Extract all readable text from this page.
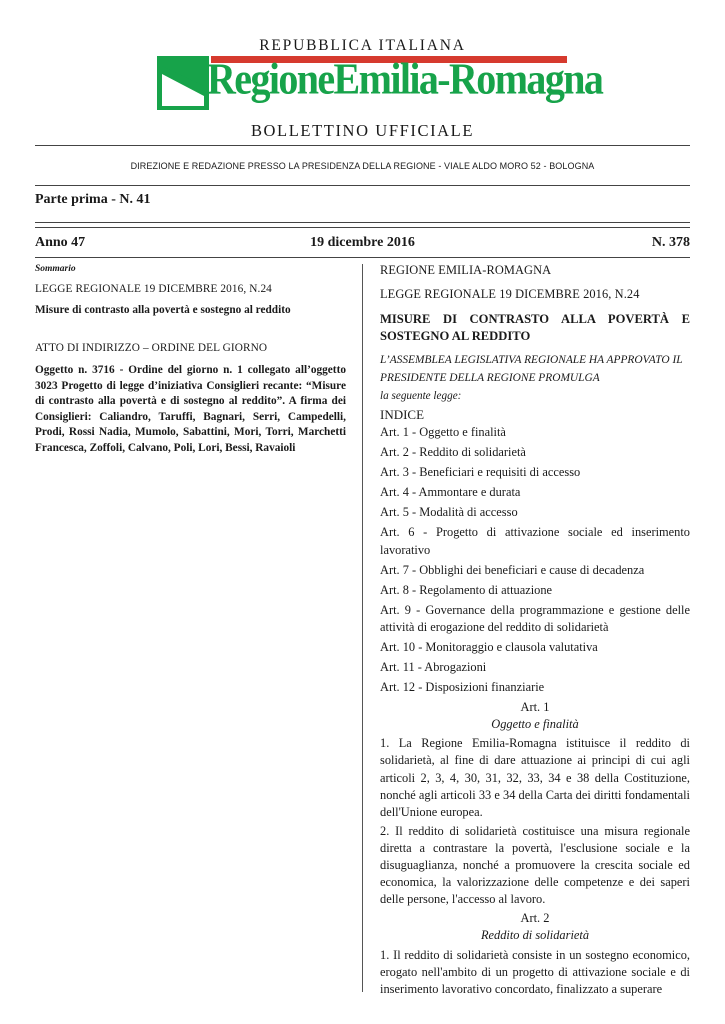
REPUBBLICA ITALIANA
RegioneEmilia-Romagna
BOLLETTINO UFFICIALE
DIREZIONE E REDAZIONE PRESSO LA PRESIDENZA DELLA REGIONE - VIALE ALDO MORO 52 - BOLOGNA
Parte prima - N. 41
Anno 47	19 dicembre 2016	N. 378
Sommario
LEGGE REGIONALE 19 DICEMBRE 2016, N.24
Misure di contrasto alla povertà e sostegno al reddito
ATTO DI INDIRIZZO – ORDINE DEL GIORNO
Oggetto n. 3716 - Ordine del giorno n. 1 collegato all’oggetto 3023 Progetto di legge d’iniziativa Consiglieri recante: “Misure di contrasto alla povertà e di sostegno al reddito”. A firma dei Consiglieri: Caliandro, Taruffi, Bagnari, Serri, Campedelli, Prodi, Rossi Nadia, Mumolo, Sabattini, Mori, Torri, Marchetti Francesca, Zoffoli, Calvano, Poli, Lori, Bessi, Ravaioli
REGIONE EMILIA-ROMAGNA
LEGGE REGIONALE 19 DICEMBRE 2016, N.24
MISURE DI CONTRASTO ALLA POVERTÀ E SOSTEGNO AL REDDITO
L’ASSEMBLEA LEGISLATIVA REGIONALE HA APPROVATO IL PRESIDENTE DELLA REGIONE PROMULGA
la seguente legge:
INDICE
Art. 1 - Oggetto e finalità
Art. 2 - Reddito di solidarietà
Art. 3 - Beneficiari e requisiti di accesso
Art. 4 - Ammontare e durata
Art. 5 - Modalità di accesso
Art. 6 - Progetto di attivazione sociale ed inserimento lavorativo
Art. 7 - Obblighi dei beneficiari e cause di decadenza
Art. 8 - Regolamento di attuazione
Art. 9 - Governance della programmazione e gestione delle attività di erogazione del reddito di solidarietà
Art. 10 - Monitoraggio e clausola valutativa
Art. 11 - Abrogazioni
Art. 12 - Disposizioni finanziarie
Art. 1
Oggetto e finalità
1. La Regione Emilia-Romagna istituisce il reddito di solidarietà, al fine di dare attuazione ai principi di cui agli articoli 2, 3, 4, 30, 31, 32, 33, 34 e 38 della Costituzione, nonché agli articoli 33 e 34 della Carta dei diritti fondamentali dell'Unione europea.
2. Il reddito di solidarietà costituisce una misura regionale diretta a contrastare la povertà, l'esclusione sociale e la disuguaglianza, nonché a promuovere la crescita sociale ed economica, la valorizzazione delle competenze e dei saperi delle persone, l'accesso al lavoro.
Art. 2
Reddito di solidarietà
1. Il reddito di solidarietà consiste in un sostegno economico, erogato nell'ambito di un progetto di attivazione sociale e di inserimento lavorativo concordato, finalizzato a superare
